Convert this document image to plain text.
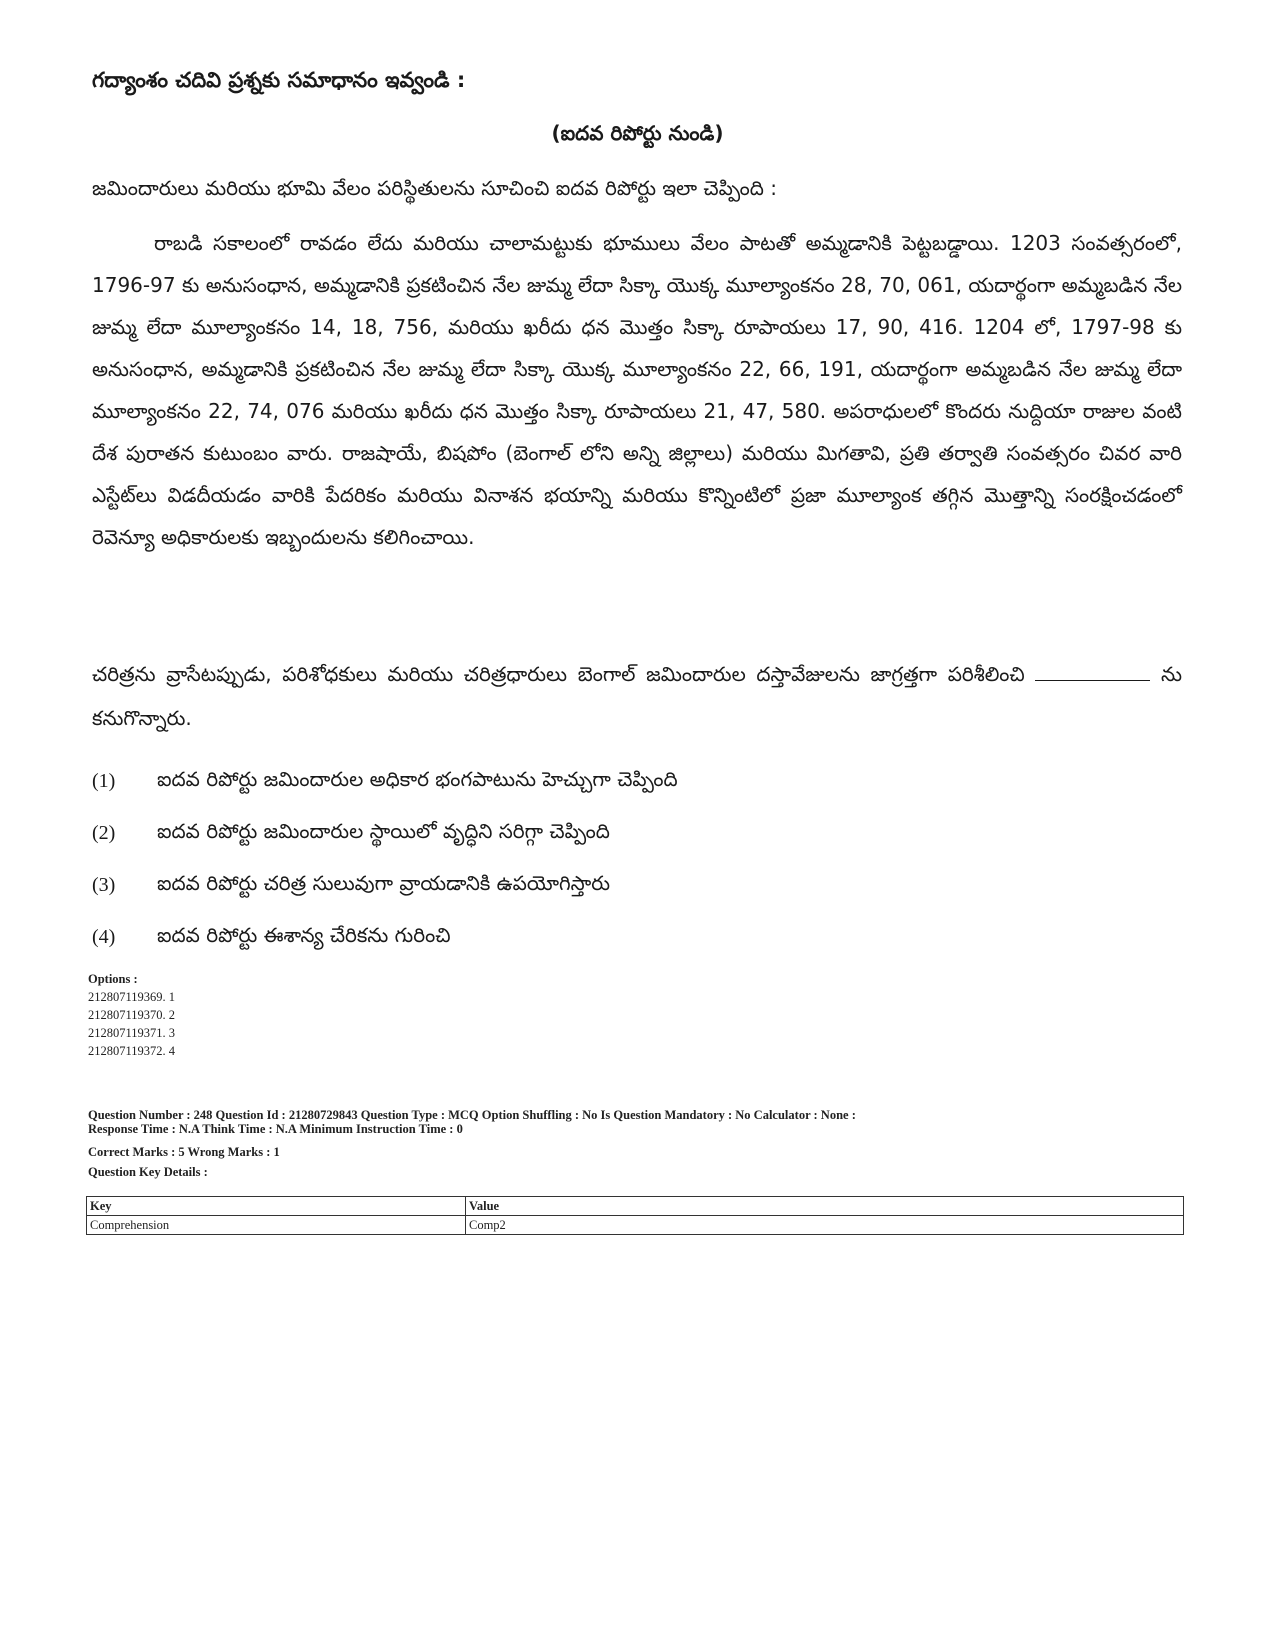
గద్యాంశం చదివి ప్రశ్నకు సమాధానం ఇవ్వండి :
(ఐదవ రిపోర్టు నుండి)
జమిందారులు మరియు భూమి వేలం పరిస్థితులను సూచించి ఐదవ రిపోర్టు ఇలా చెప్పింది :
రాబడి సకాలంలో రావడం లేదు మరియు చాలామట్టుకు భూములు వేలం పాటతో అమ్మడానికి పెట్టబడ్డాయి. 1203 సంవత్సరంలో, 1796-97 కు అనుసంధాన, అమ్మడానికి ప్రకటించిన నేల జుమ్మ లేదా సిక్కా యొక్క మూల్యాంకనం 28, 70, 061, యదార్థంగా అమ్మబడిన నేల జుమ్మ లేదా మూల్యాంకనం 14, 18, 756, మరియు ఖరీదు ధన మొత్తం సిక్కా రూపాయలు 17, 90, 416. 1204 లో, 1797-98 కు అనుసంధాన, అమ్మడానికి ప్రకటించిన నేల జుమ్మ లేదా సిక్కా యొక్క మూల్యాంకనం 22, 66, 191, యదార్థంగా అమ్మబడిన నేల జుమ్మ లేదా మూల్యాంకనం 22, 74, 076 మరియు ఖరీదు ధన మొత్తం సిక్కా రూపాయలు 21, 47, 580. అపరాధులలో కొందరు నుద్దియా రాజుల వంటి దేశ పురాతన కుటుంబం వారు. రాజషాయే, బిషపోం (బెంగాల్ లోని అన్ని జిల్లాలు) మరియు మిగతావి, ప్రతి తర్వాతి సంవత్సరం చివర వారి ఎస్టేట్‌లు విడదీయడం వారికి పేదరికం మరియు వినాశన భయాన్ని మరియు కొన్నింటిలో ప్రజా మూల్యాంక తగ్గిన మొత్తాన్ని సంరక్షించడంలో రెవెన్యూ అధికారులకు ఇబ్బందులను కలిగించాయి.
చరిత్రను వ్రాసేటప్పుడు, పరిశోధకులు మరియు చరిత్రధారులు బెంగాల్ జమిందారుల దస్తావేజులను జాగ్రత్తగా పరిశీలించి	ను కనుగొన్నారు.
(1)	ఐదవ రిపోర్టు జమిందారుల అధికార భంగపాటును హెచ్చుగా చెప్పింది
(2)	ఐదవ రిపోర్టు జమిందారుల స్థాయిలో వృద్ధిని సరిగ్గా చెప్పింది
(3)	ఐదవ రిపోర్టు చరిత్ర సులువుగా వ్రాయడానికి ఉపయోగిస్తారు
(4)	ఐదవ రిపోర్టు ఈశాన్య చేరికను గురించి
Options :
212807119369. 1
212807119370. 2
212807119371. 3
212807119372. 4
Question Number : 248 Question Id : 21280729843 Question Type : MCQ Option Shuffling : No Is Question Mandatory : No Calculator : None :
Response Time : N.A Think Time : N.A Minimum Instruction Time : 0
Correct Marks : 5 Wrong Marks : 1
Question Key Details :
Key	Value
Comprehension	Comp2
